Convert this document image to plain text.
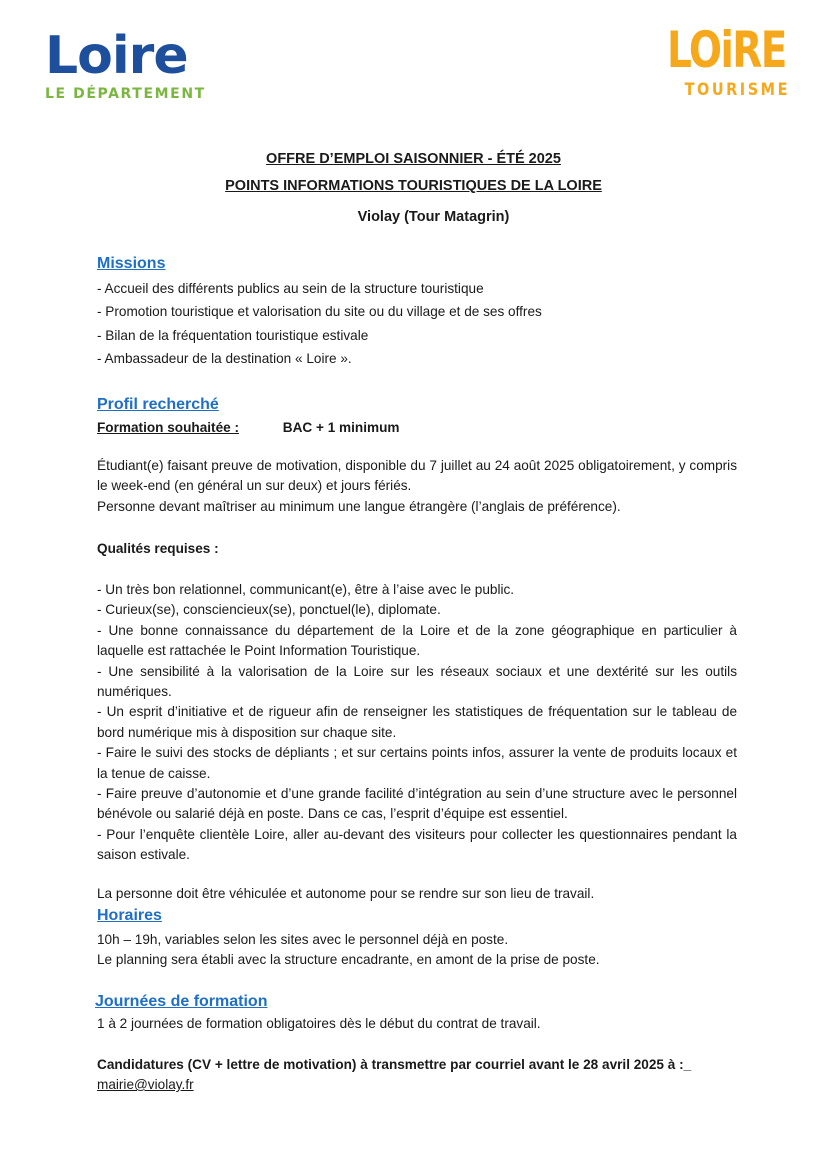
Loire
LE DÉPARTEMENT
LOiRE
TOURISME
OFFRE D’EMPLOI SAISONNIER - ÉTÉ 2025
POINTS INFORMATIONS TOURISTIQUES DE LA LOIRE
Violay (Tour Matagrin)
Missions
- Accueil des différents publics au sein de la structure touristique
- Promotion touristique et valorisation du site ou du village et de ses offres
- Bilan de la fréquentation touristique estivale
- Ambassadeur de la destination « Loire ».
Profil recherché
Formation souhaitée :	BAC + 1 minimum
Étudiant(e) faisant preuve de motivation, disponible du 7 juillet au 24 août 2025 obligatoirement, y compris le week-end (en général un sur deux) et jours fériés.
Personne devant maîtriser au minimum une langue étrangère (l’anglais de préférence).
Qualités requises :
- Un très bon relationnel, communicant(e), être à l’aise avec le public.
- Curieux(se), consciencieux(se), ponctuel(le), diplomate.
- Une bonne connaissance du département de la Loire et de la zone géographique en particulier à laquelle est rattachée le Point Information Touristique.
- Une sensibilité à la valorisation de la Loire sur les réseaux sociaux et une dextérité sur les outils numériques.
- Un esprit d’initiative et de rigueur afin de renseigner les statistiques de fréquentation sur le tableau de bord numérique mis à disposition sur chaque site.
- Faire le suivi des stocks de dépliants ; et sur certains points infos, assurer la vente de produits locaux et la tenue de caisse.
- Faire preuve d’autonomie et d’une grande facilité d’intégration au sein d’une structure avec le personnel bénévole ou salarié déjà en poste. Dans ce cas, l’esprit d’équipe est essentiel.
- Pour l’enquête clientèle Loire, aller au-devant des visiteurs pour collecter les questionnaires pendant la saison estivale.
La personne doit être véhiculée et autonome pour se rendre sur son lieu de travail.
Horaires
10h – 19h, variables selon les sites avec le personnel déjà en poste.
Le planning sera établi avec la structure encadrante, en amont de la prise de poste.
Journées de formation
1 à 2 journées de formation obligatoires dès le début du contrat de travail.
Candidatures (CV + lettre de motivation) à transmettre par courriel avant le 28 avril 2025 à :_
mairie@violay.fr
